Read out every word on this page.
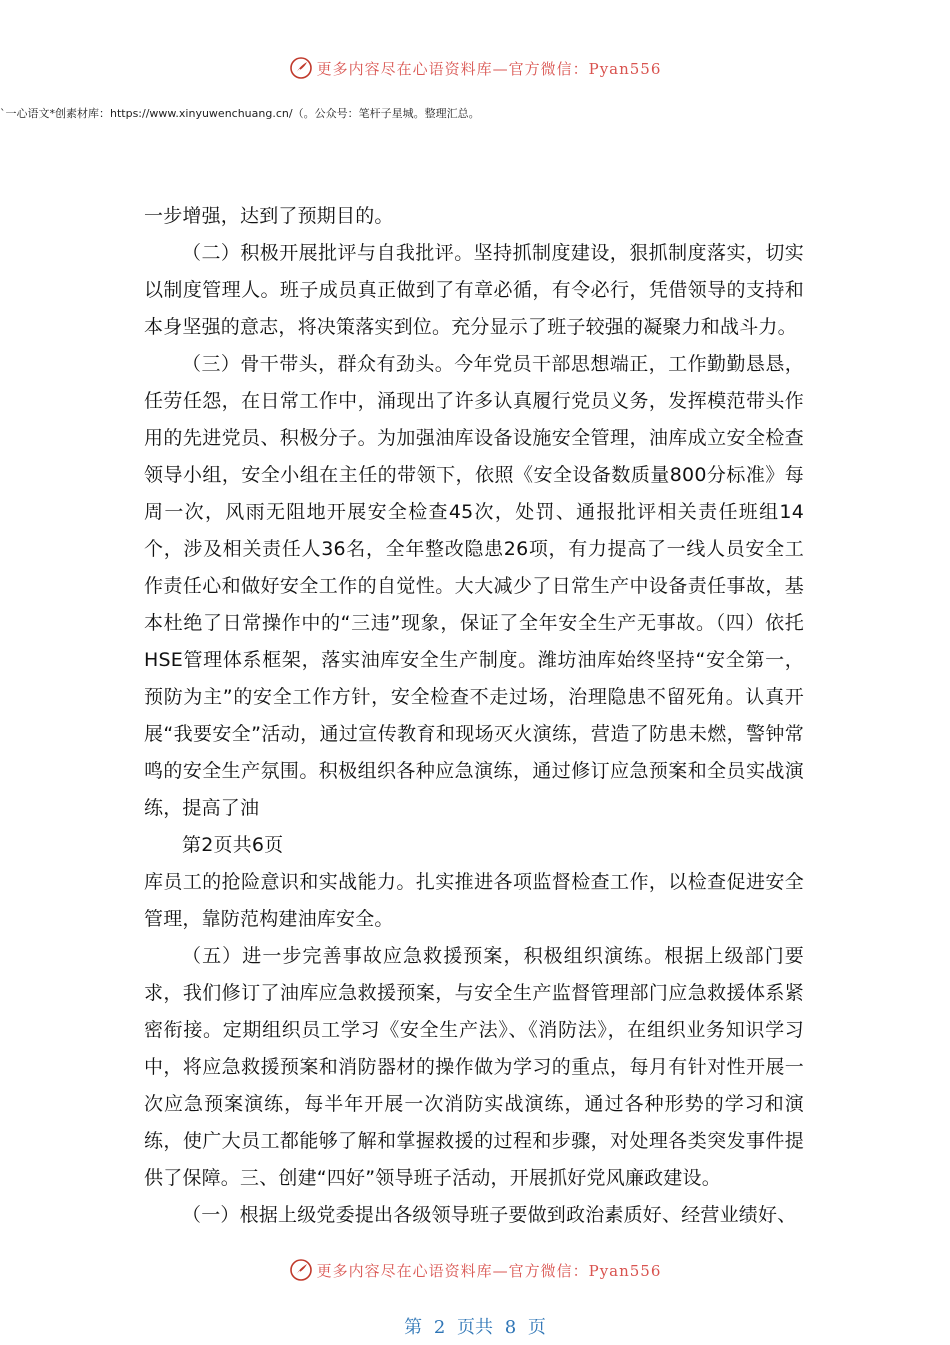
更多内容尽在心语资料库—官方微信：Pyan556
`一心语文*创素材库：https://www.xinyuwenchuang.cn/（。公众号：笔杆子星城。整理汇总。

一步增强，达到了预期目的。

（二）积极开展批评与自我批评。坚持抓制度建设，狠抓制度落实，切实以制度管理人。班子成员真正做到了有章必循，有令必行，凭借领导的支持和本身坚强的意志，将决策落实到位。充分显示了班子较强的凝聚力和战斗力。

（三）骨干带头，群众有劲头。今年党员干部思想端正，工作勤勤恳恳，任劳任怨，在日常工作中，涌现出了许多认真履行党员义务，发挥模范带头作用的先进党员、积极分子。为加强油库设备设施安全管理，油库成立安全检查领导小组，安全小组在主任的带领下，依照《安全设备数质量800分标准》每周一次，风雨无阻地开展安全检查45次，处罚、通报批评相关责任班组14个，涉及相关责任人36名，全年整改隐患26项，有力提高了一线人员安全工作责任心和做好安全工作的自觉性。大大减少了日常生产中设备责任事故，基本杜绝了日常操作中的“三违”现象，保证了全年安全生产无事故。（四）依托HSE管理体系框架，落实油库安全生产制度。潍坊油库始终坚持“安全第一，预防为主”的安全工作方针，安全检查不走过场，治理隐患不留死角。认真开展“我要安全”活动，通过宣传教育和现场灭火演练，营造了防患未燃，警钟常鸣的安全生产氛围。积极组织各种应急演练，通过修订应急预案和全员实战演练，提高了油

第2页共6页

库员工的抢险意识和实战能力。扎实推进各项监督检查工作，以检查促进安全管理，靠防范构建油库安全。

（五）进一步完善事故应急救援预案，积极组织演练。根据上级部门要求，我们修订了油库应急救援预案，与安全生产监督管理部门应急救援体系紧密衔接。定期组织员工学习《安全生产法》、《消防法》，在组织业务知识学习中，将应急救援预案和消防器材的操作做为学习的重点，每月有针对性开展一次应急预案演练，每半年开展一次消防实战演练，通过各种形势的学习和演练，使广大员工都能够了解和掌握救援的过程和步骤，对处理各类突发事件提供了保障。三、创建“四好”领导班子活动，开展抓好党风廉政建设。

（一）根据上级党委提出各级领导班子要做到政治素质好、经营业绩好、

更多内容尽在心语资料库—官方微信：Pyan556
第 2 页共 8 页
